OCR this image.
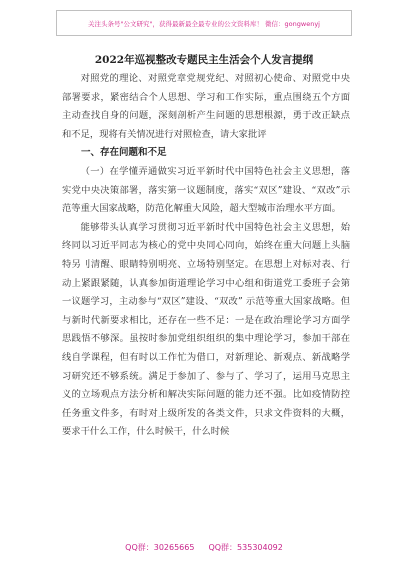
关注头条号"公文研究"，获得最新最全最专业的公文资料库！ 微信：gongwenyj
2022年巡视整改专题民主生活会个人发言提纲

对照党的理论、对照党章党规党纪、对照初心使命、对照党中央部署要求，紧密结合个人思想、学习和工作实际，重点围绕五个方面主动查找自身的问题，深刻剖析产生问题的思想根源，勇于改正缺点和不足，现将有关情况进行对照检查，请大家批评

一、存在问题和不足

（一）在学懂弄通做实习近平新时代中国特色社会主义思想，落实党中央决策部署，落实第一议题制度，落实“双区”建设、“双改”示范等重大国家战略，防范化解重大风险，超大型城市治理水平方面。

能够带头认真学习贯彻习近平新时代中国特色社会主义思想，始终同以习近平同志为核心的党中央同心同向，始终在重大问题上头脑特另刂清醒、眼睛特别明亮、立场特别坚定。在思想上对标对表、行动上紧跟紧随，认真参加街道理论学习中心组和街道党工委班子会第一议题学习，主动参与“双区”建设、“双改” 示范等重大国家战略。但与新时代新要求相比，还存在一些不足：一是在政治理论学习方面学思践悟不够深。虽按时参加党组织组织的集中理论学习，参加干部在线自学课程，但有时以工作忙为借口，对新理论、新观点、新战略学习研究还不够系统。满足于参加了、参与了、学习了，运用马克思主义的立场观点方法分析和解决实际问题的能力还不强。比如疫情防控任务重文件多，有时对上级所发的各类文件，只求文件资料的大概，要求干什么工作，什么时候干，什么时候

QQ群：30265665 QQ群：535304092
